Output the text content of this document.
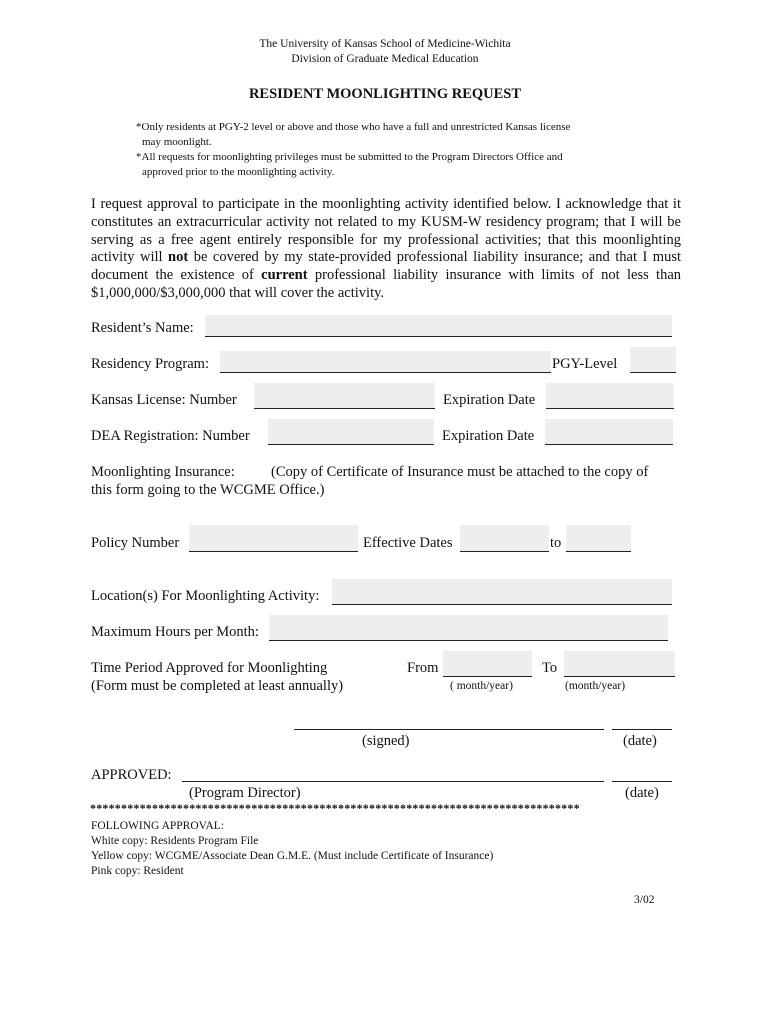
The University of Kansas School of Medicine-Wichita
Division of Graduate Medical Education
RESIDENT MOONLIGHTING REQUEST
*Only residents at PGY-2 level or above and those who have a full and unrestricted Kansas license
may moonlight.
*All requests for moonlighting privileges must be submitted to the Program Directors Office and
approved prior to the moonlighting activity.
I request approval to participate in the moonlighting activity identified below. I acknowledge that it constitutes an extracurricular activity not related to my KUSM-W residency program; that I will be serving as a free agent entirely responsible for my professional activities; that this moonlighting activity will not be covered by my state-provided professional liability insurance; and that I must document the existence of current professional liability insurance with limits of not less than $1,000,000/$3,000,000 that will cover the activity.
Resident’s Name:
Residency Program:	PGY-Level
Kansas License: Number	Expiration Date
DEA Registration: Number	Expiration Date
Moonlighting Insurance: (Copy of Certificate of Insurance must be attached to the copy of
this form going to the WCGME Office.)
Policy Number	Effective Dates	to
Location(s) For Moonlighting Activity:
Maximum Hours per Month:
Time Period Approved for Moonlighting
(Form must be completed at least annually)
From	To
( month/year)	(month/year)
(signed)	(date)
APPROVED:
(Program Director)	(date)
*******************************************************************************
FOLLOWING APPROVAL:
White copy: Residents Program File
Yellow copy: WCGME/Associate Dean G.M.E. (Must include Certificate of Insurance)
Pink copy: Resident
3/02
